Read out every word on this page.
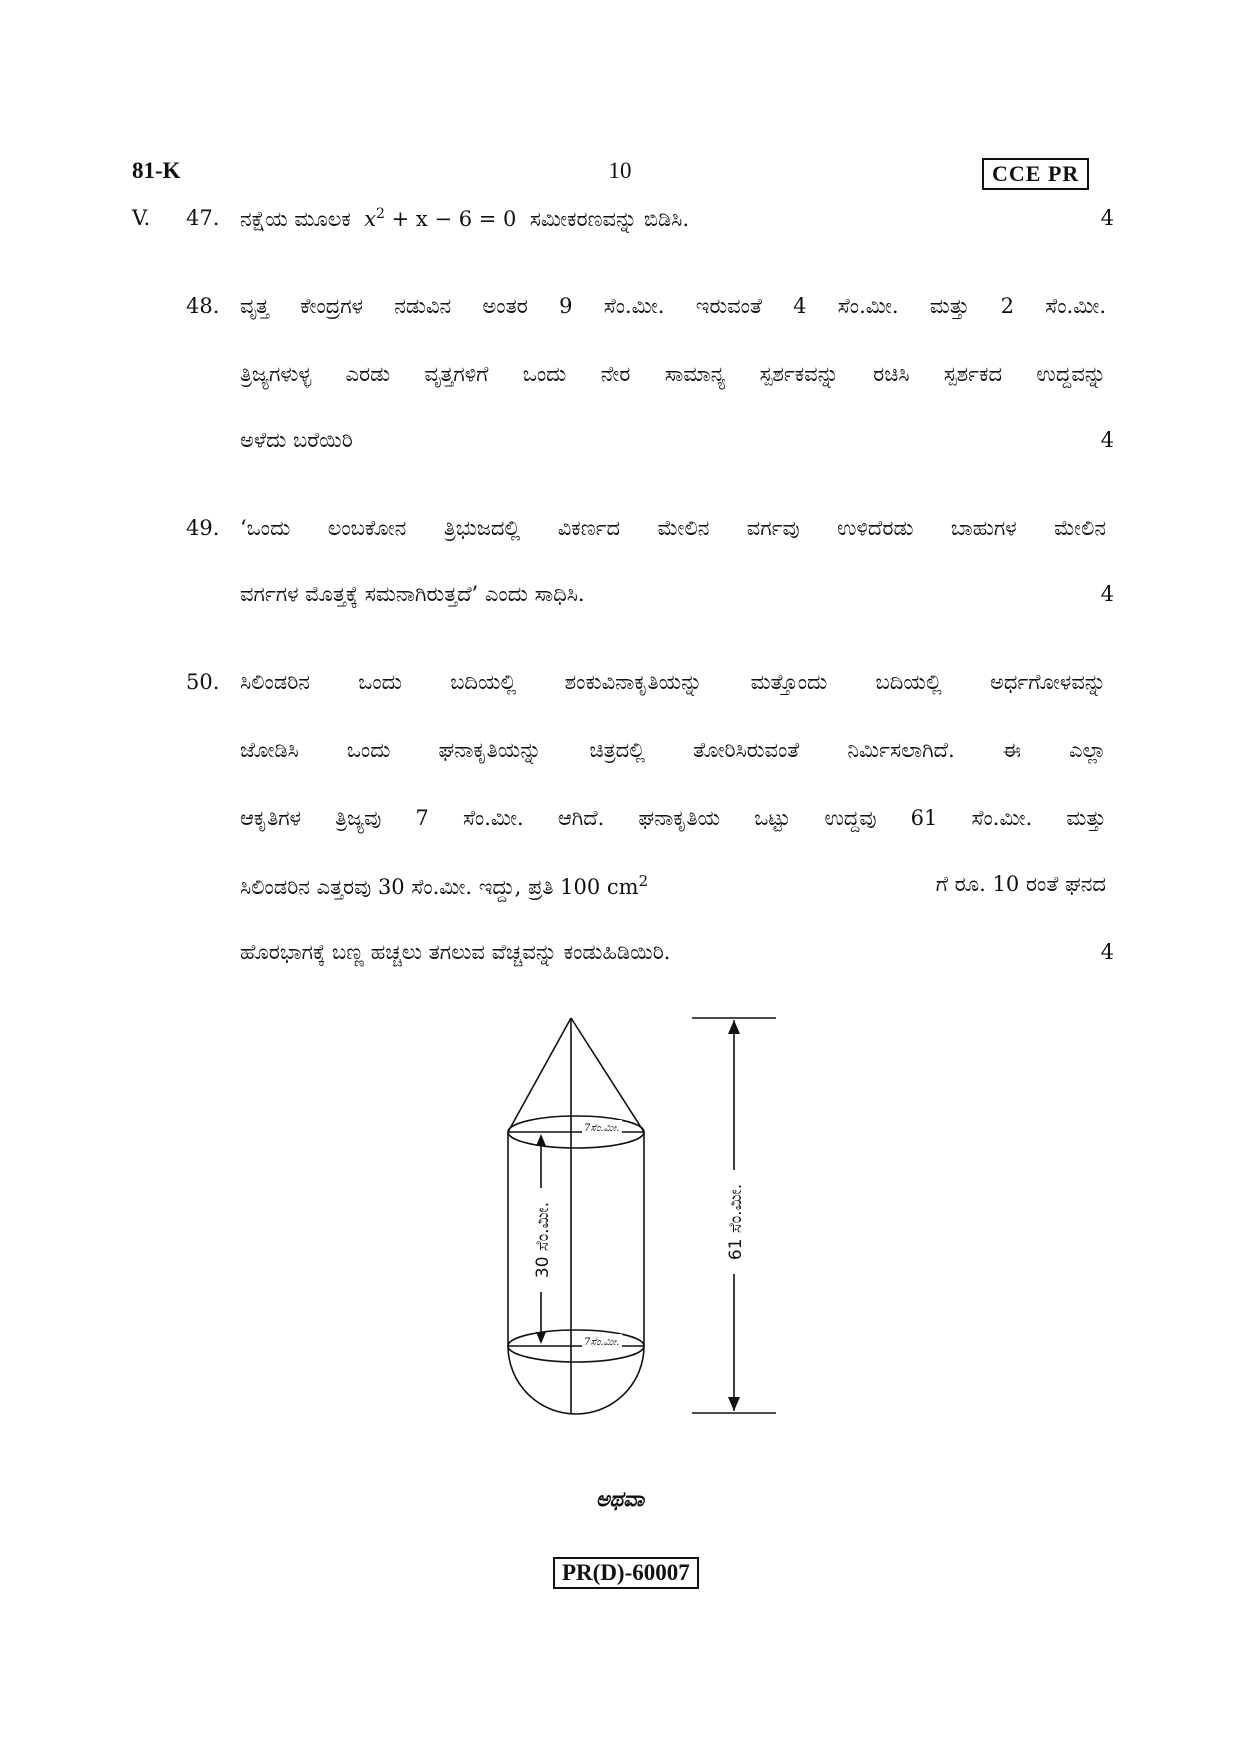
81-K	10	CCE PR
V. 47. ನಕ್ಷೆಯ ಮೂಲಕ $x^2 + x - 6 = 0$ ಸಮೀಕರಣವನ್ನು ಬಿಡಿಸಿ.	4
48. ವೃತ್ತ ಕೇಂದ್ರಗಳ ನಡುವಿನ ಅಂತರ 9 ಸೆಂ.ಮೀ. ಇರುವಂತೆ 4 ಸೆಂ.ಮೀ. ಮತ್ತು 2 ಸೆಂ.ಮೀ.
ತ್ರಿಜ್ಯಗಳುಳ್ಳ ಎರಡು ವೃತ್ತಗಳಿಗೆ ಒಂದು ನೇರ ಸಾಮಾನ್ಯ ಸ್ಪರ್ಶಕವನ್ನು ರಚಿಸಿ ಸ್ಪರ್ಶಕದ ಉದ್ದವನ್ನು
ಅಳೆದು ಬರೆಯಿರಿ	4
49. ‘ಒಂದು ಲಂಬಕೋನ ತ್ರಿಭುಜದಲ್ಲಿ ವಿಕರ್ಣದ ಮೇಲಿನ ವರ್ಗವು ಉಳಿದೆರಡು ಬಾಹುಗಳ ಮೇಲಿನ
ವರ್ಗಗಳ ಮೊತ್ತಕ್ಕೆ ಸಮನಾಗಿರುತ್ತದೆ’ ಎಂದು ಸಾಧಿಸಿ.	4
50. ಸಿಲಿಂಡರಿನ ಒಂದು ಬದಿಯಲ್ಲಿ ಶಂಕುವಿನಾಕೃತಿಯನ್ನು ಮತ್ತೊಂದು ಬದಿಯಲ್ಲಿ ಅರ್ಧಗೋಳವನ್ನು
ಜೋಡಿಸಿ ಒಂದು ಘನಾಕೃತಿಯನ್ನು ಚಿತ್ರದಲ್ಲಿ ತೋರಿಸಿರುವಂತೆ ನಿರ್ಮಿಸಲಾಗಿದೆ. ಈ ಎಲ್ಲಾ
ಆಕೃತಿಗಳ ತ್ರಿಜ್ಯವು 7 ಸೆಂ.ಮೀ. ಆಗಿದೆ. ಘನಾಕೃತಿಯ ಒಟ್ಟು ಉದ್ದವು 61 ಸೆಂ.ಮೀ. ಮತ್ತು
ಸಿಲಿಂಡರಿನ ಎತ್ತರವು 30 ಸೆಂ.ಮೀ. ಇದ್ದು, ಪ್ರತಿ 100 $cm^2$	ಗೆ ರೂ. 10 ರಂತೆ ಘನದ
ಹೊರಭಾಗಕ್ಕೆ ಬಣ್ಣ ಹಚ್ಚಲು ತಗಲುವ ವೆಚ್ಚವನ್ನು ಕಂಡುಹಿಡಿಯಿರಿ.	4
7ಸೆಂ.ಮೀ.
7ಸೆಂ.ಮೀ.
30 ಸೆಂ.ಮೀ.	61 ಸೆಂ.ಮೀ.
ಅಥವಾ
PR(D)-60007
